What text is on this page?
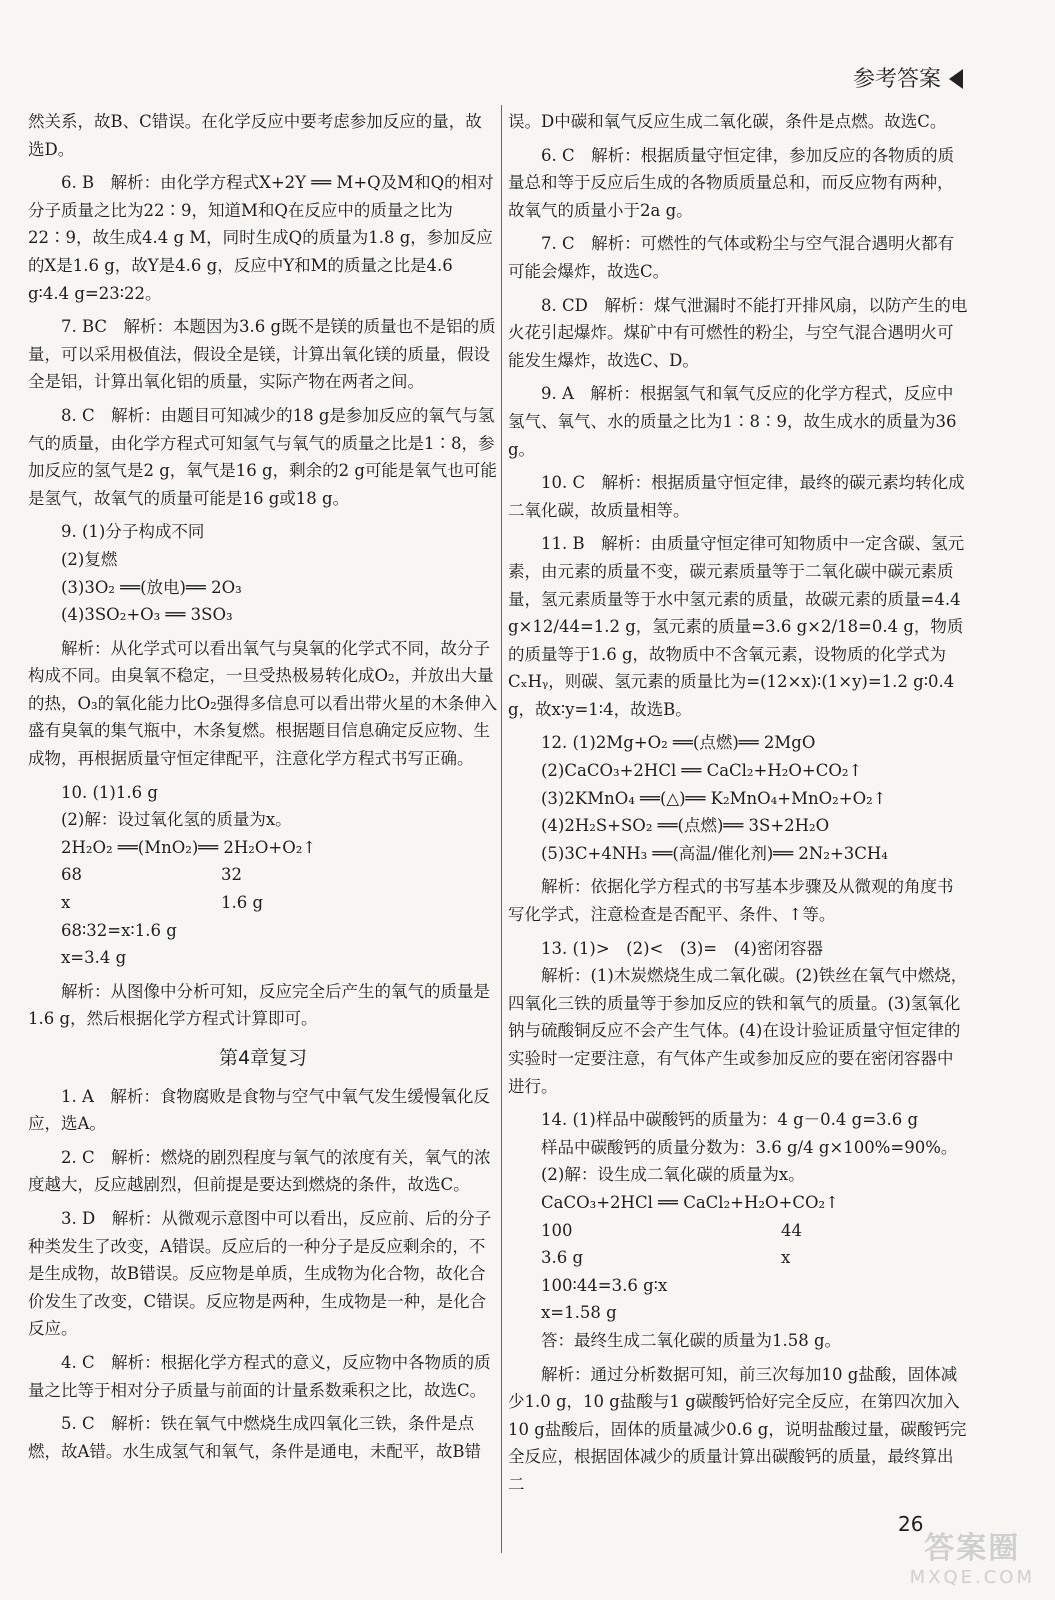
参考答案

然关系，故B、C错误。在化学反应中要考虑参加反应的量，故选D。

6. B　解析：由化学方程式X+2Y ══ M+Q及M和Q的相对分子质量之比为22∶9，知道M和Q在反应中的质量之比为22∶9，故生成4.4 g M，同时生成Q的质量为1.8 g，参加反应的X是1.6 g，故Y是4.6 g，反应中Y和M的质量之比是4.6 g∶4.4 g=23∶22。

7. BC　解析：本题因为3.6 g既不是镁的质量也不是铝的质量，可以采用极值法，假设全是镁，计算出氧化镁的质量，假设全是铝，计算出氧化铝的质量，实际产物在两者之间。

8. C　解析：由题目可知减少的18 g是参加反应的氧气与氢气的质量，由化学方程式可知氢气与氧气的质量之比是1∶8，参加反应的氢气是2 g，氧气是16 g，剩余的2 g可能是氧气也可能是氢气，故氧气的质量可能是16 g或18 g。

9. (1)分子构成不同

(2)复燃

(3)3O₂ ══(放电)══ 2O₃

(4)3SO₂+O₃ ══ 3SO₃

解析：从化学式可以看出氧气与臭氧的化学式不同，故分子构成不同。由臭氧不稳定，一旦受热极易转化成O₂，并放出大量的热，O₃的氧化能力比O₂强得多信息可以看出带火星的木条伸入盛有臭氧的集气瓶中，木条复燃。根据题目信息确定反应物、生成物，再根据质量守恒定律配平，注意化学方程式书写正确。

10. (1)1.6 g

(2)解：设过氧化氢的质量为x。

2H₂O₂ ══(MnO₂)══ 2H₂O+O₂↑
68	32
x	1.6 g
68∶32=x∶1.6 g
x=3.4 g

解析：从图像中分析可知，反应完全后产生的氧气的质量是1.6 g，然后根据化学方程式计算即可。

第4章复习

1. A　解析：食物腐败是食物与空气中氧气发生缓慢氧化反应，选A。

2. C　解析：燃烧的剧烈程度与氧气的浓度有关，氧气的浓度越大，反应越剧烈，但前提是要达到燃烧的条件，故选C。

3. D　解析：从微观示意图中可以看出，反应前、后的分子种类发生了改变，A错误。反应后的一种分子是反应剩余的，不是生成物，故B错误。反应物是单质，生成物为化合物，故化合价发生了改变，C错误。反应物是两种，生成物是一种，是化合反应。

4. C　解析：根据化学方程式的意义，反应物中各物质的质量之比等于相对分子质量与前面的计量系数乘积之比，故选C。

5. C　解析：铁在氧气中燃烧生成四氧化三铁，条件是点燃，故A错。水生成氢气和氧气，条件是通电，未配平，故B错

误。D中碳和氧气反应生成二氧化碳，条件是点燃。故选C。

6. C　解析：根据质量守恒定律，参加反应的各物质的质量总和等于反应后生成的各物质质量总和，而反应物有两种，故氧气的质量小于2a g。

7. C　解析：可燃性的气体或粉尘与空气混合遇明火都有可能会爆炸，故选C。

8. CD　解析：煤气泄漏时不能打开排风扇，以防产生的电火花引起爆炸。煤矿中有可燃性的粉尘，与空气混合遇明火可能发生爆炸，故选C、D。

9. A　解析：根据氢气和氧气反应的化学方程式，反应中氢气、氧气、水的质量之比为1∶8∶9，故生成水的质量为36 g。

10. C　解析：根据质量守恒定律，最终的碳元素均转化成二氧化碳，故质量相等。

11. B　解析：由质量守恒定律可知物质中一定含碳、氢元素，由元素的质量不变，碳元素质量等于二氧化碳中碳元素质量，氢元素质量等于水中氢元素的质量，故碳元素的质量=4.4 g×12/44=1.2 g，氢元素的质量=3.6 g×2/18=0.4 g，物质的质量等于1.6 g，故物质中不含氧元素，设物质的化学式为CₓHᵧ，则碳、氢元素的质量比为=(12×x)∶(1×y)=1.2 g∶0.4 g，故x∶y=1∶4，故选B。

12. (1)2Mg+O₂ ══(点燃)══ 2MgO

(2)CaCO₃+2HCl ══ CaCl₂+H₂O+CO₂↑

(3)2KMnO₄ ══(△)══ K₂MnO₄+MnO₂+O₂↑

(4)2H₂S+SO₂ ══(点燃)══ 3S+2H₂O

(5)3C+4NH₃ ══(高温/催化剂)══ 2N₂+3CH₄

解析：依据化学方程式的书写基本步骤及从微观的角度书写化学式，注意检查是否配平、条件、↑等。

13. (1)>　(2)<　(3)=　(4)密闭容器

解析：(1)木炭燃烧生成二氧化碳。(2)铁丝在氧气中燃烧，四氧化三铁的质量等于参加反应的铁和氧气的质量。(3)氢氧化钠与硫酸铜反应不会产生气体。(4)在设计验证质量守恒定律的实验时一定要注意，有气体产生或参加反应的要在密闭容器中进行。

14. (1)样品中碳酸钙的质量为：4 g－0.4 g=3.6 g

样品中碳酸钙的质量分数为：3.6 g/4 g×100%=90%。

(2)解：设生成二氧化碳的质量为x。

CaCO₃+2HCl ══ CaCl₂+H₂O+CO₂↑
100	44
3.6 g	x
100∶44=3.6 g∶x
x=1.58 g
答：最终生成二氧化碳的质量为1.58 g。

解析：通过分析数据可知，前三次每加10 g盐酸，固体减少1.0 g，10 g盐酸与1 g碳酸钙恰好完全反应，在第四次加入10 g盐酸后，固体的质量减少0.6 g，说明盐酸过量，碳酸钙完全反应，根据固体减少的质量计算出碳酸钙的质量，最终算出二

26
答案圈
MXQE.COM
